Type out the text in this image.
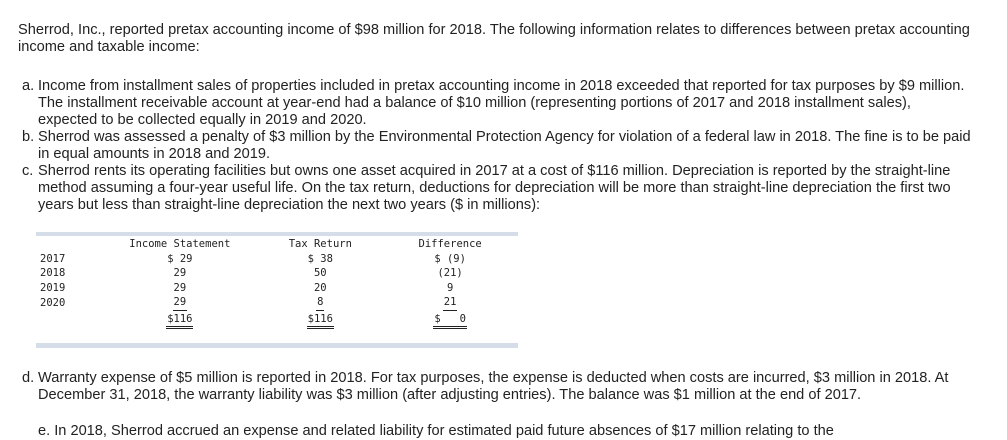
Sherrod, Inc., reported pretax accounting income of $98 million for 2018. The following information relates to differences between pretax accounting income and taxable income:
a. Income from installment sales of properties included in pretax accounting income in 2018 exceeded that reported for tax purposes by $9 million. The installment receivable account at year-end had a balance of $10 million (representing portions of 2017 and 2018 installment sales), expected to be collected equally in 2019 and 2020.
b. Sherrod was assessed a penalty of $3 million by the Environmental Protection Agency for violation of a federal law in 2018. The fine is to be paid in equal amounts in 2018 and 2019.
c. Sherrod rents its operating facilities but owns one asset acquired in 2017 at a cost of $116 million. Depreciation is reported by the straight-line method assuming a four-year useful life. On the tax return, deductions for depreciation will be more than straight-line depreciation the first two years but less than straight-line depreciation the next two years ($ in millions):
	Income Statement	Tax Return	Difference
2017	$ 29	$ 38	$ (9)
2018	29	50	(21)
2019	29	20	9
2020	29	8	21
	$116	$116	$   0
d. Warranty expense of $5 million is reported in 2018. For tax purposes, the expense is deducted when costs are incurred, $3 million in 2018. At December 31, 2018, the warranty liability was $3 million (after adjusting entries). The balance was $1 million at the end of 2017.
e. In 2018, Sherrod accrued an expense and related liability for estimated paid future absences of $17 million relating to the
